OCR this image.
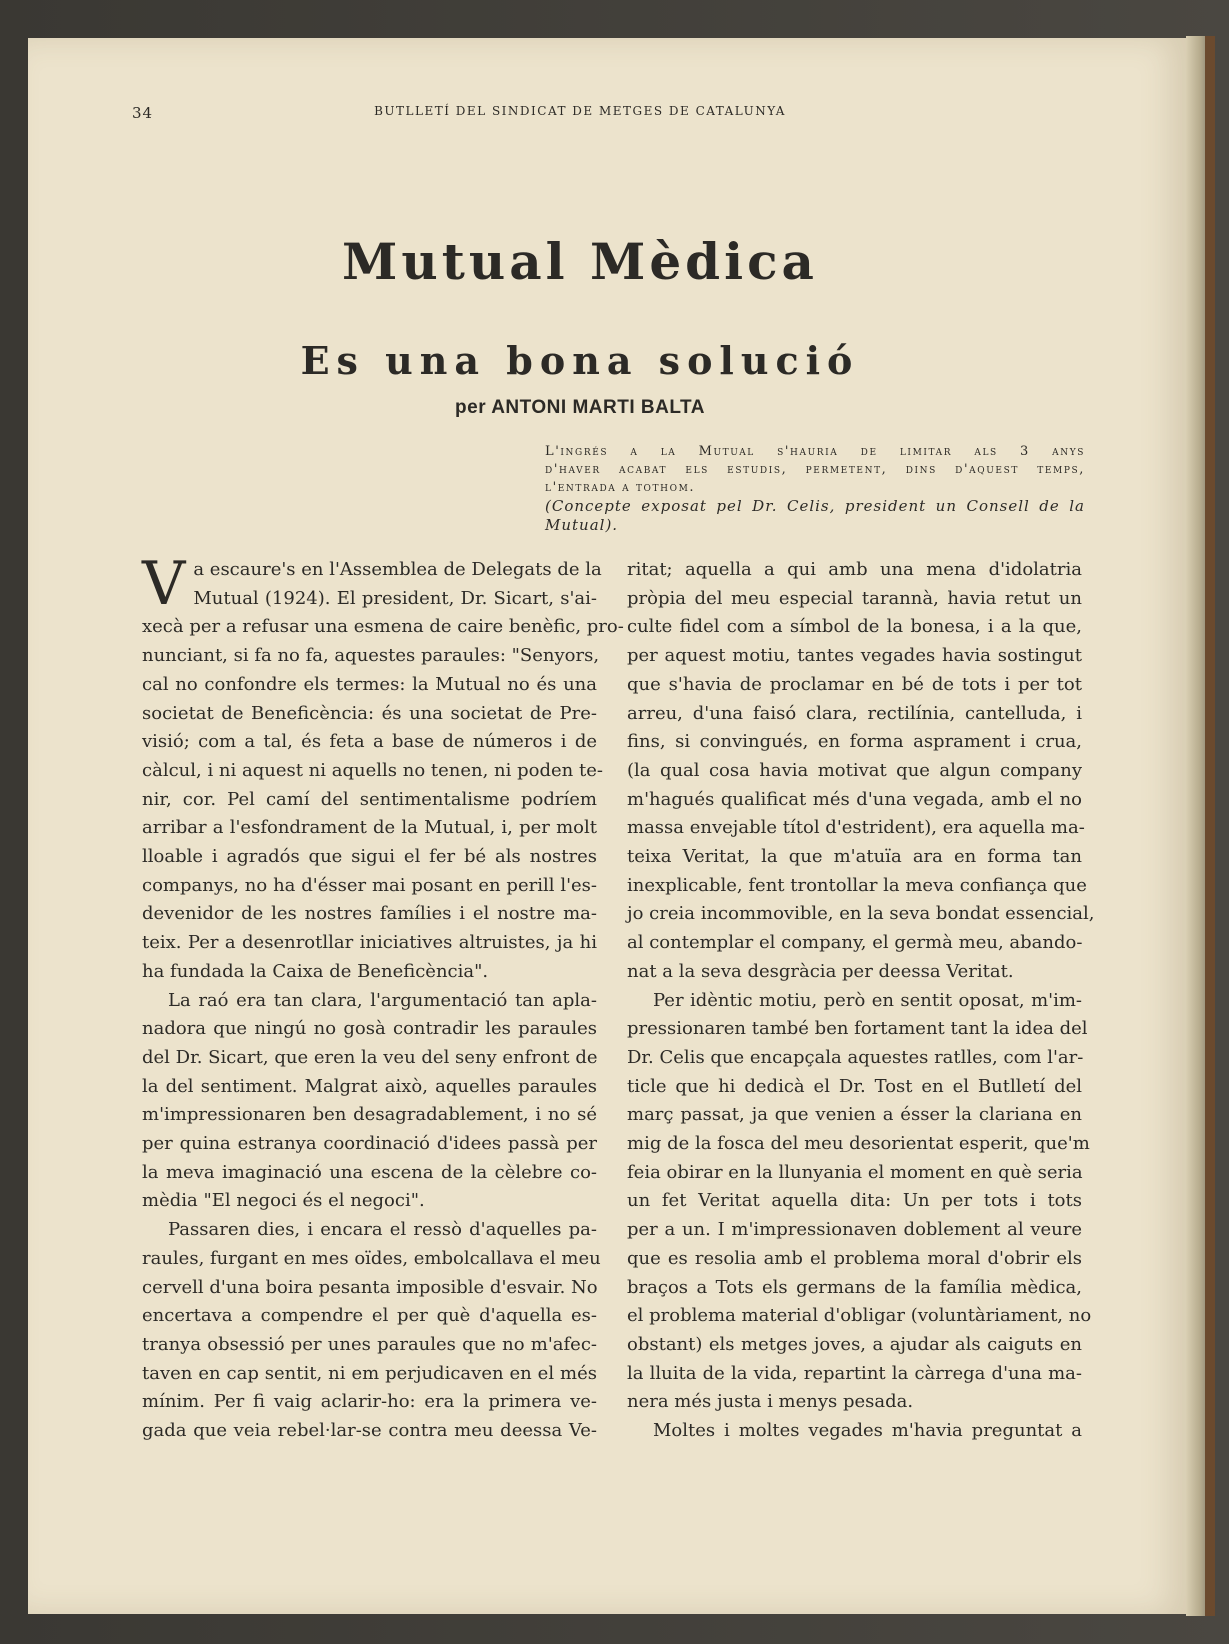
34	BUTLLETÍ DEL SINDICAT DE METGES DE CATALUNYA
Mutual Mèdica
Es una bona solució
per ANTONI MARTI BALTA
L'ingrés a la Mutual s'hauria de limitar als 3 anys
d'haver acabat els estudis, permetent, dins d'aquest temps,
l'entrada a tothom.
(Concepte exposat pel Dr. Celis, president un Consell de la Mutual).
V a escaure's en l'Assemblea de Delegats de la
Mutual (1924). El president, Dr. Sicart, s'ai-
xecà per a refusar una esmena de caire benèfic, pro-
nunciant, si fa no fa, aquestes paraules: "Senyors,
cal no confondre els termes: la Mutual no és una
societat de Beneficència: és una societat de Pre-
visió; com a tal, és feta a base de números i de
càlcul, i ni aquest ni aquells no tenen, ni poden te-
nir, cor. Pel camí del sentimentalisme podríem
arribar a l'esfondrament de la Mutual, i, per molt
lloable i agradós que sigui el fer bé als nostres
companys, no ha d'ésser mai posant en perill l'es-
devenidor de les nostres famílies i el nostre ma-
teix. Per a desenrotllar iniciatives altruistes, ja hi
ha fundada la Caixa de Beneficència".
La raó era tan clara, l'argumentació tan apla-
nadora que ningú no gosà contradir les paraules
del Dr. Sicart, que eren la veu del seny enfront de
la del sentiment. Malgrat això, aquelles paraules
m'impressionaren ben desagradablement, i no sé
per quina estranya coordinació d'idees passà per
la meva imaginació una escena de la cèlebre co-
mèdia "El negoci és el negoci".
Passaren dies, i encara el ressò d'aquelles pa-
raules, furgant en mes oïdes, embolcallava el meu
cervell d'una boira pesanta imposible d'esvair. No
encertava a compendre el per què d'aquella es-
tranya obsessió per unes paraules que no m'afec-
taven en cap sentit, ni em perjudicaven en el més
mínim. Per fi vaig aclarir-ho: era la primera ve-
gada que veia rebel·lar-se contra meu deessa Ve-
ritat; aquella a qui amb una mena d'idolatria
pròpia del meu especial tarannà, havia retut un
culte fidel com a símbol de la bonesa, i a la que,
per aquest motiu, tantes vegades havia sostingut
que s'havia de proclamar en bé de tots i per tot
arreu, d'una faisó clara, rectilínia, cantelluda, i
fins, si convingués, en forma asprament i crua,
(la qual cosa havia motivat que algun company
m'hagués qualificat més d'una vegada, amb el no
massa envejable títol d'estrident), era aquella ma-
teixa Veritat, la que m'atuïa ara en forma tan
inexplicable, fent trontollar la meva confiança que
jo creia incommovible, en la seva bondat essencial,
al contemplar el company, el germà meu, abando-
nat a la seva desgràcia per deessa Veritat.
Per idèntic motiu, però en sentit oposat, m'im-
pressionaren també ben fortament tant la idea del
Dr. Celis que encapçala aquestes ratlles, com l'ar-
ticle que hi dedicà el Dr. Tost en el Butlletí del
març passat, ja que venien a ésser la clariana en
mig de la fosca del meu desorientat esperit, que'm
feia obirar en la llunyania el moment en què seria
un fet Veritat aquella dita: Un per tots i tots
per a un. I m'impressionaven doblement al veure
que es resolia amb el problema moral d'obrir els
braços a Tots els germans de la família mèdica,
el problema material d'obligar (voluntàriament, no
obstant) els metges joves, a ajudar als caiguts en
la lluita de la vida, repartint la càrrega d'una ma-
nera més justa i menys pesada.
Moltes i moltes vegades m'havia preguntat a
